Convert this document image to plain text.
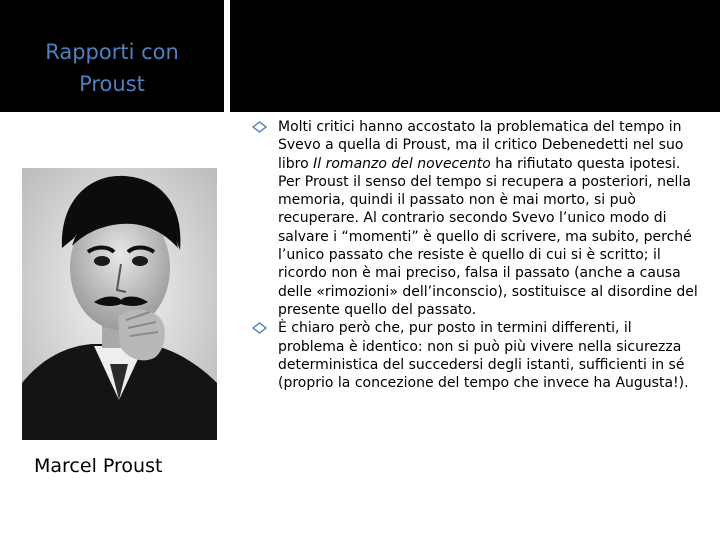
Rapporti con
Proust
Marcel Proust
Molti critici hanno accostato la problematica del tempo in Svevo a quella di Proust, ma il critico Debenedetti nel suo libro Il romanzo del novecento ha rifiutato questa ipotesi. Per Proust il senso del tempo si recupera a posteriori, nella memoria, quindi il passato non è mai morto, si può recuperare. Al contrario secondo Svevo l’unico modo di salvare i “momenti” è quello di scrivere, ma subito, perché l’unico passato che resiste è quello di cui si è scritto; il ricordo non è mai preciso, falsa il passato (anche a causa delle «rimozioni» dell’inconscio), sostituisce al disordine del presente quello del passato.
È chiaro però che, pur posto in termini differenti, il problema è identico: non si può più vivere nella sicurezza deterministica del succedersi degli istanti, sufficienti in sé (proprio la concezione del tempo che invece ha Augusta!).
